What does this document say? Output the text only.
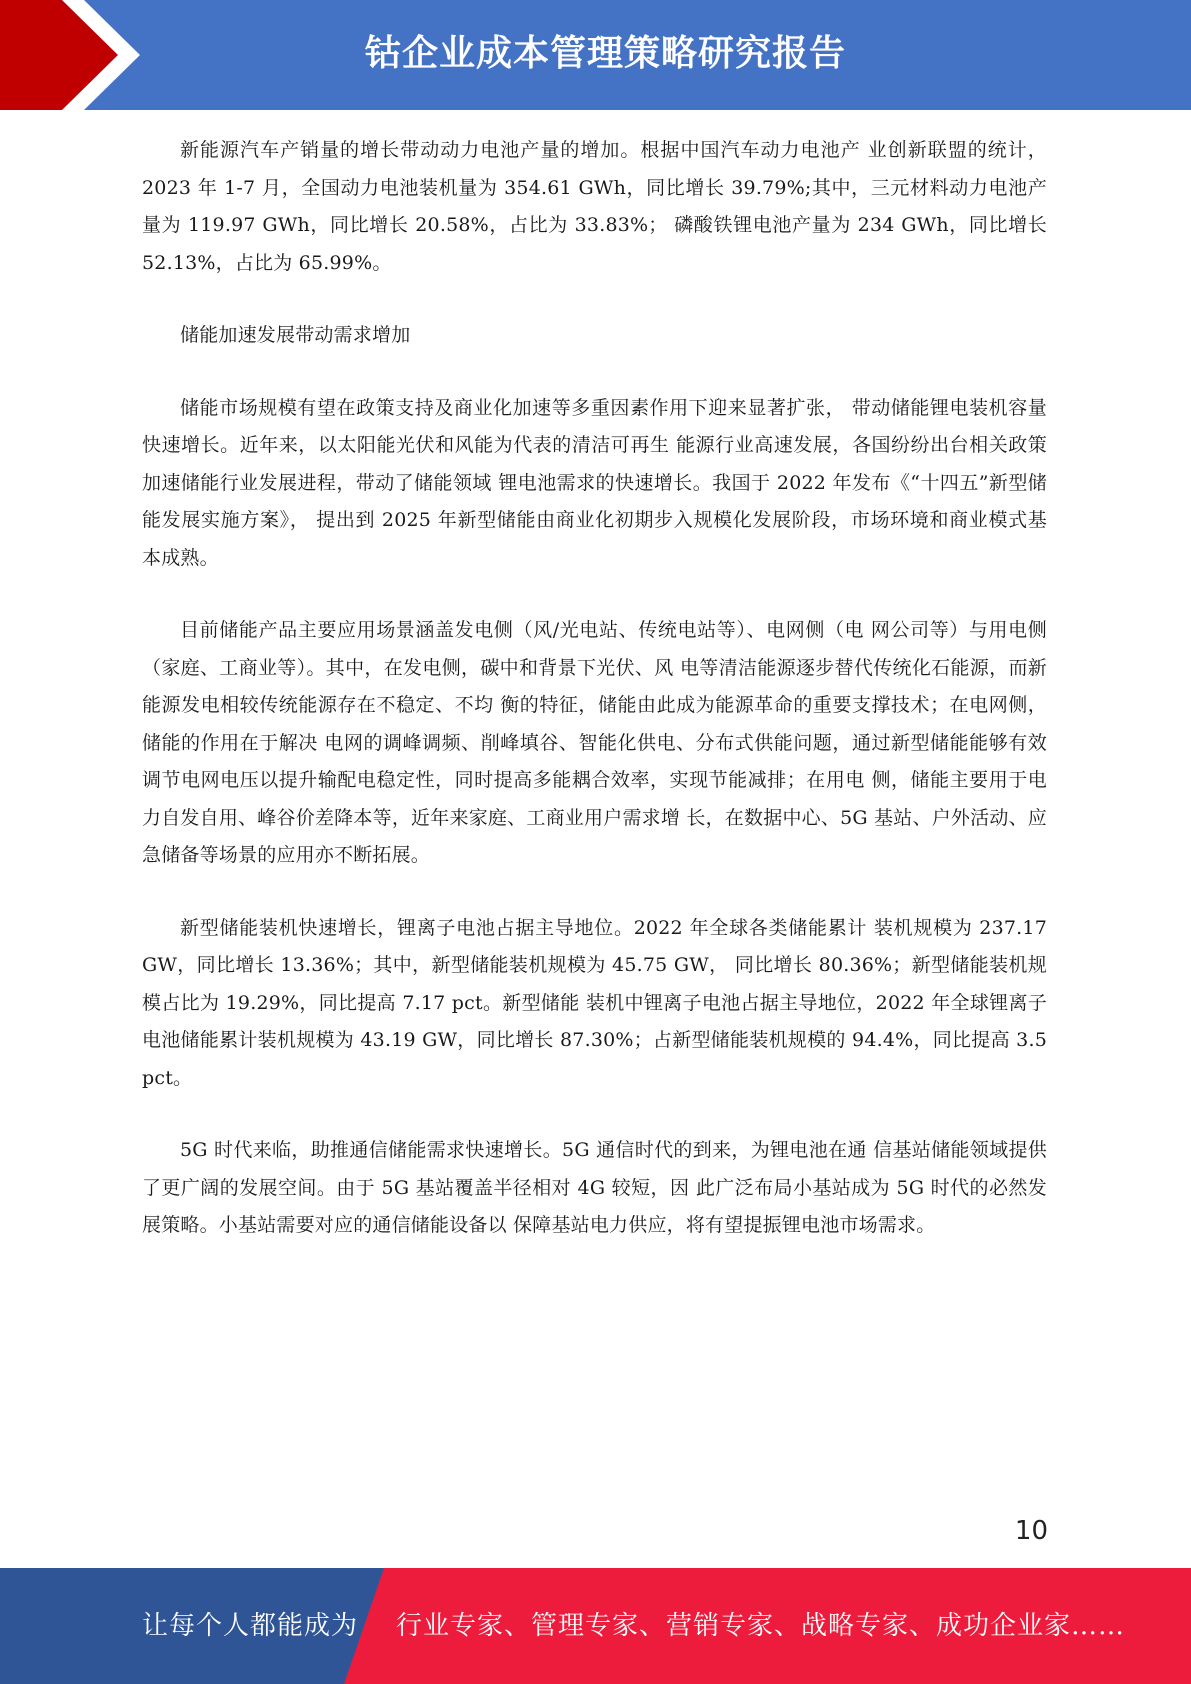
钴企业成本管理策略研究报告

新能源汽车产销量的增长带动动力电池产量的增加。根据中国汽车动力电池产 业创新联盟的统计，2023 年 1-7 月，全国动力电池装机量为 354.61 GWh，同比增长 39.79%;其中，三元材料动力电池产量为 119.97 GWh，同比增长 20.58%，占比为 33.83%； 磷酸铁锂电池产量为 234 GWh，同比增长 52.13%，占比为 65.99%。

储能加速发展带动需求增加

储能市场规模有望在政策支持及商业化加速等多重因素作用下迎来显著扩张， 带动储能锂电装机容量快速增长。近年来，以太阳能光伏和风能为代表的清洁可再生 能源行业高速发展，各国纷纷出台相关政策加速储能行业发展进程，带动了储能领域 锂电池需求的快速增长。我国于 2022 年发布《“十四五”新型储能发展实施方案》， 提出到 2025 年新型储能由商业化初期步入规模化发展阶段，市场环境和商业模式基 本成熟。

目前储能产品主要应用场景涵盖发电侧（风/光电站、传统电站等）、电网侧（电 网公司等）与用电侧（家庭、工商业等）。其中，在发电侧，碳中和背景下光伏、风 电等清洁能源逐步替代传统化石能源，而新能源发电相较传统能源存在不稳定、不均 衡的特征，储能由此成为能源革命的重要支撑技术；在电网侧，储能的作用在于解决 电网的调峰调频、削峰填谷、智能化供电、分布式供能问题，通过新型储能能够有效 调节电网电压以提升输配电稳定性，同时提高多能耦合效率，实现节能减排；在用电 侧，储能主要用于电力自发自用、峰谷价差降本等，近年来家庭、工商业用户需求增 长，在数据中心、5G 基站、户外活动、应急储备等场景的应用亦不断拓展。

新型储能装机快速增长，锂离子电池占据主导地位。2022 年全球各类储能累计 装机规模为 237.17 GW，同比增长 13.36%；其中，新型储能装机规模为 45.75 GW， 同比增长 80.36%；新型储能装机规模占比为 19.29%，同比提高 7.17 pct。新型储能 装机中锂离子电池占据主导地位，2022 年全球锂离子电池储能累计装机规模为 43.19 GW，同比增长 87.30%；占新型储能装机规模的 94.4%，同比提高 3.5 pct。

5G 时代来临，助推通信储能需求快速增长。5G 通信时代的到来，为锂电池在通 信基站储能领域提供了更广阔的发展空间。由于 5G 基站覆盖半径相对 4G 较短，因 此广泛布局小基站成为 5G 时代的必然发展策略。小基站需要对应的通信储能设备以 保障基站电力供应，将有望提振锂电池市场需求。

10
让每个人都能成为 行业专家、管理专家、营销专家、战略专家、成功企业家……
